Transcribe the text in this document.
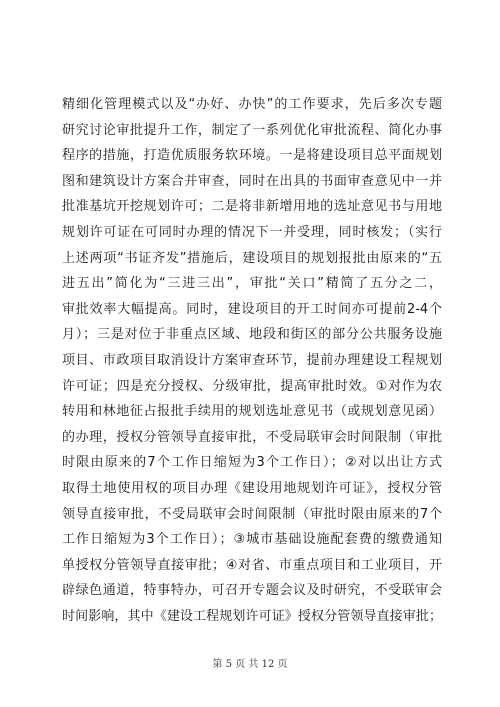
精细化管理模式以及“办好、办快”的工作要求，先后多次专题
研究讨论审批提升工作，制定了一系列优化审批流程、简化办事
程序的措施，打造优质服务软环境。一是将建设项目总平面规划
图和建筑设计方案合并审查，同时在出具的书面审查意见中一并
批准基坑开挖规划许可；二是将非新增用地的选址意见书与用地
规划许可证在可同时办理的情况下一并受理，同时核发；（实行
上述两项“书证齐发”措施后，建设项目的规划报批由原来的“五
进五出”简化为“三进三出”，审批“关口”精简了五分之二，
审批效率大幅提高。同时，建设项目的开工时间亦可提前2-4个
月）；三是对位于非重点区域、地段和街区的部分公共服务设施
项目、市政项目取消设计方案审查环节，提前办理建设工程规划
许可证；四是充分授权、分级审批，提高审批时效。①对作为农
转用和林地征占报批手续用的规划选址意见书（或规划意见函）
的办理，授权分管领导直接审批，不受局联审会时间限制（审批
时限由原来的7个工作日缩短为3个工作日）；②对以出让方式
取得土地使用权的项目办理《建设用地规划许可证》，授权分管
领导直接审批，不受局联审会时间限制（审批时限由原来的7个
工作日缩短为3个工作日）；③城市基础设施配套费的缴费通知
单授权分管领导直接审批；④对省、市重点项目和工业项目，开
辟绿色通道，特事特办，可召开专题会议及时研究，不受联审会
时间影响，其中《建设工程规划许可证》授权分管领导直接审批；
第 5 页 共 12 页
